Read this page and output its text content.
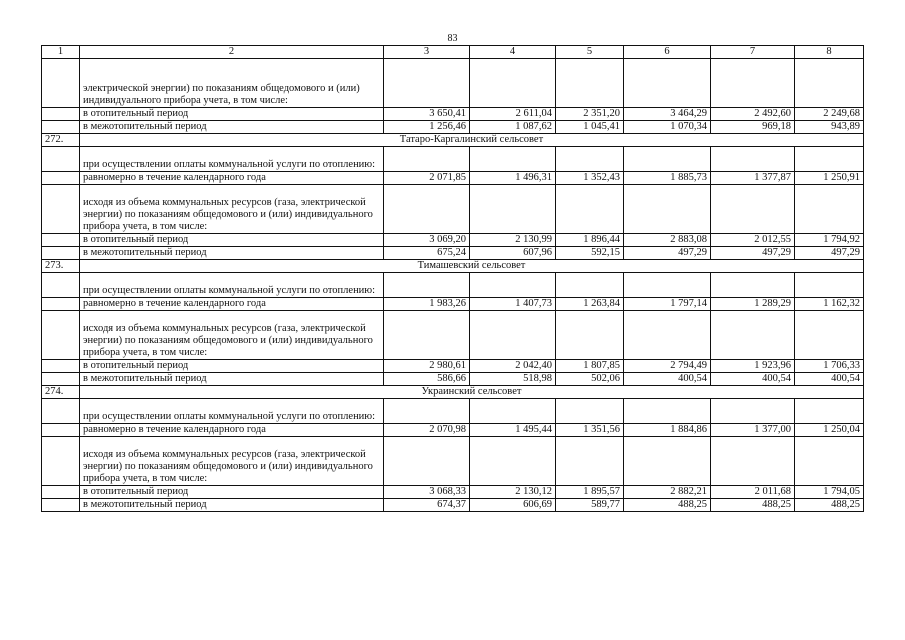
83
1	2	3	4	5	6	7	8
	электрической энергии) по показаниям общедомового и (или) индивидуального прибора учета, в том числе:						
	в отопительный период	3 650,41	2 611,04	2 351,20	3 464,29	2 492,60	2 249,68
	в межотопительный период	1 256,46	1 087,62	1 045,41	1 070,34	969,18	943,89
272.	Татаро-Каргалинский сельсовет						
	при осуществлении оплаты коммунальной услуги по отоплению:						
	равномерно в течение календарного года	2 071,85	1 496,31	1 352,43	1 885,73	1 377,87	1 250,91
	исходя из объема коммунальных ресурсов (газа, электрической энергии) по показаниям общедомового и (или) индивидуального прибора учета, в том числе:						
	в отопительный период	3 069,20	2 130,99	1 896,44	2 883,08	2 012,55	1 794,92
	в межотопительный период	675,24	607,96	592,15	497,29	497,29	497,29
273.	Тимашевский сельсовет						
	при осуществлении оплаты коммунальной услуги по отоплению:						
	равномерно в течение календарного года	1 983,26	1 407,73	1 263,84	1 797,14	1 289,29	1 162,32
	исходя из объема коммунальных ресурсов (газа, электрической энергии) по показаниям общедомового и (или) индивидуального прибора учета, в том числе:						
	в отопительный период	2 980,61	2 042,40	1 807,85	2 794,49	1 923,96	1 706,33
	в межотопительный период	586,66	518,98	502,06	400,54	400,54	400,54
274.	Украинский сельсовет						
	при осуществлении оплаты коммунальной услуги по отоплению:						
	равномерно в течение календарного года	2 070,98	1 495,44	1 351,56	1 884,86	1 377,00	1 250,04
	исходя из объема коммунальных ресурсов (газа, электрической энергии) по показаниям общедомового и (или) индивидуального прибора учета, в том числе:						
	в отопительный период	3 068,33	2 130,12	1 895,57	2 882,21	2 011,68	1 794,05
	в межотопительный период	674,37	606,69	589,77	488,25	488,25	488,25
